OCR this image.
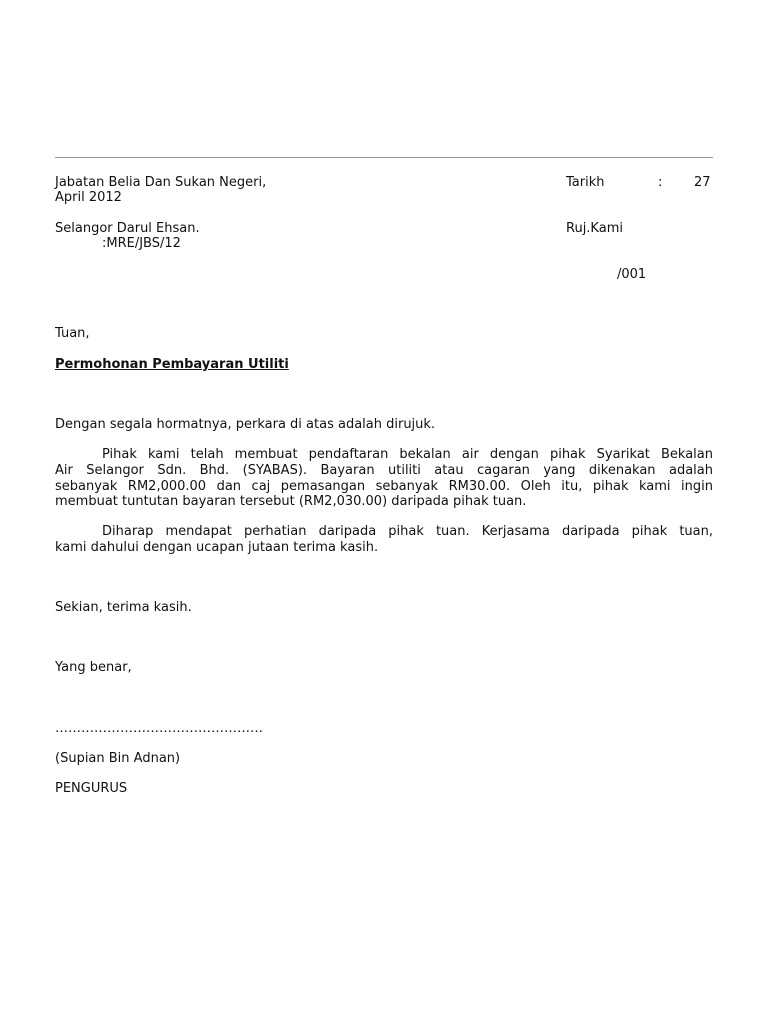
Jabatan Belia Dan Sukan Negeri,	Tarikh	: 27
April 2012
Selangor Darul Ehsan.	Ruj.Kami
:MRE/JBS/12
/001
Tuan,
Permohonan Pembayaran Utiliti
Dengan segala hormatnya, perkara di atas adalah dirujuk.
Pihak kami telah membuat pendaftaran bekalan air dengan pihak Syarikat Bekalan
Air Selangor Sdn. Bhd. (SYABAS). Bayaran utiliti atau cagaran yang dikenakan adalah
sebanyak RM2,000.00 dan caj pemasangan sebanyak RM30.00. Oleh itu, pihak kami ingin
membuat tuntutan bayaran tersebut (RM2,030.00) daripada pihak tuan.
Diharap mendapat perhatian daripada pihak tuan. Kerjasama daripada pihak tuan,
kami dahului dengan ucapan jutaan terima kasih.
Sekian, terima kasih.
Yang benar,
…………………………………………
(Supian Bin Adnan)
PENGURUS
